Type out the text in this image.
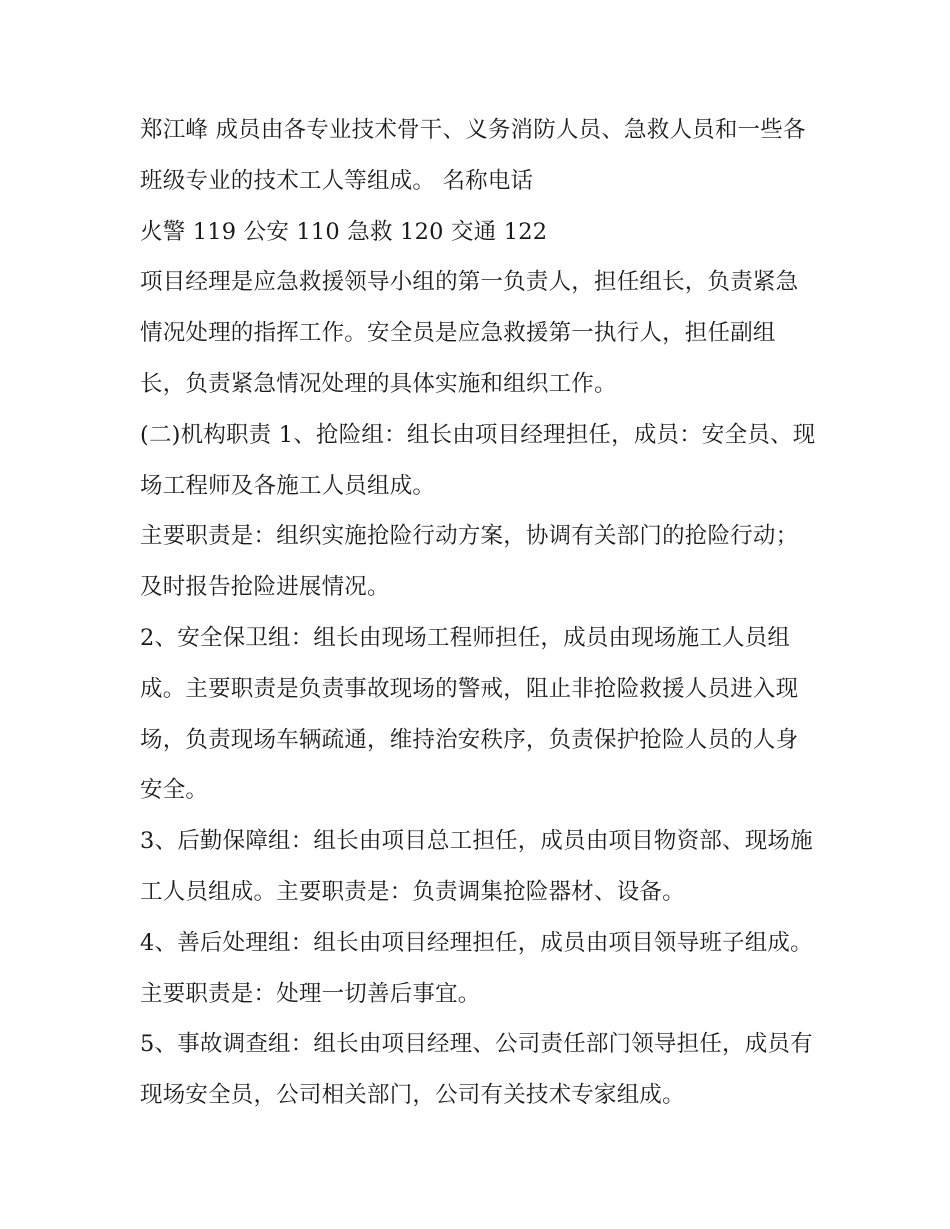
郑江峰 成员由各专业技术骨干、义务消防人员、急救人员和一些各班级专业的技术工人等组成。 名称电话

火警 119 公安 110 急救 120 交通 122

项目经理是应急救援领导小组的第一负责人，担任组长，负责紧急情况处理的指挥工作。安全员是应急救援第一执行人，担任副组长，负责紧急情况处理的具体实施和组织工作。

(二)机构职责 1、抢险组：组长由项目经理担任，成员：安全员、现场工程师及各施工人员组成。

主要职责是：组织实施抢险行动方案，协调有关部门的抢险行动；及时报告抢险进展情况。

2、安全保卫组：组长由现场工程师担任，成员由现场施工人员组成。主要职责是负责事故现场的警戒，阻止非抢险救援人员进入现场，负责现场车辆疏通，维持治安秩序，负责保护抢险人员的人身安全。

3、后勤保障组：组长由项目总工担任，成员由项目物资部、现场施工人员组成。主要职责是：负责调集抢险器材、设备。

4、善后处理组：组长由项目经理担任，成员由项目领导班子组成。主要职责是：处理一切善后事宜。

5、事故调查组：组长由项目经理、公司责任部门领导担任，成员有现场安全员，公司相关部门，公司有关技术专家组成。
